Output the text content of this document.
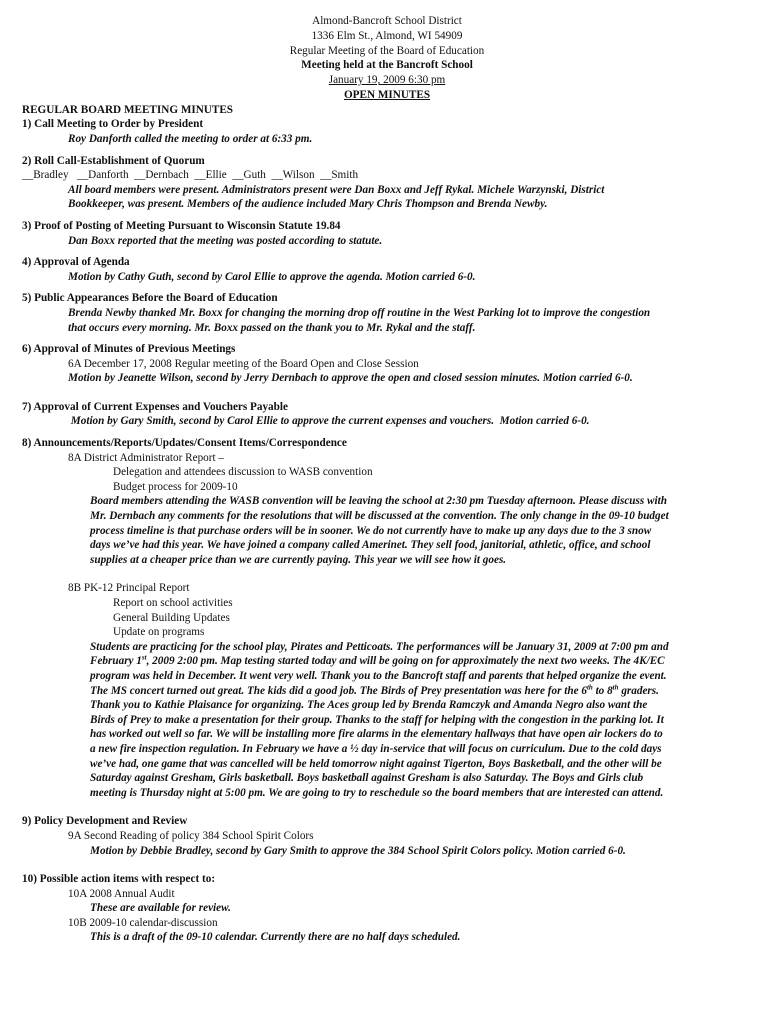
Almond-Bancroft School District
1336 Elm St., Almond, WI 54909
Regular Meeting of the Board of Education
Meeting held at the Bancroft School
January 19, 2009 6:30 pm
OPEN MINUTES
REGULAR BOARD MEETING MINUTES
1) Call Meeting to Order by President
Roy Danforth called the meeting to order at 6:33 pm.
2) Roll Call-Establishment of Quorum
__Bradley   __Danforth  __Dernbach  __Ellie  __Guth  __Wilson  __Smith
All board members were present. Administrators present were Dan Boxx and Jeff Rykal. Michele Warzynski, District
Bookkeeper, was present. Members of the audience included Mary Chris Thompson and Brenda Newby.
3) Proof of Posting of Meeting Pursuant to Wisconsin Statute 19.84
Dan Boxx reported that the meeting was posted according to statute.
4) Approval of Agenda
Motion by Cathy Guth, second by Carol Ellie to approve the agenda. Motion carried 6-0.
5) Public Appearances Before the Board of Education
Brenda Newby thanked Mr. Boxx for changing the morning drop off routine in the West Parking lot to improve the congestion
that occurs every morning. Mr. Boxx passed on the thank you to Mr. Rykal and the staff.
6) Approval of Minutes of Previous Meetings
6A December 17, 2008 Regular meeting of the Board Open and Close Session
Motion by Jeanette Wilson, second by Jerry Dernbach to approve the open and closed session minutes. Motion carried 6-0.
7) Approval of Current Expenses and Vouchers Payable
Motion by Gary Smith, second by Carol Ellie to approve the current expenses and vouchers.  Motion carried 6-0.
8) Announcements/Reports/Updates/Consent Items/Correspondence
8A District Administrator Report –
Delegation and attendees discussion to WASB convention
Budget process for 2009-10
Board members attending the WASB convention will be leaving the school at 2:30 pm Tuesday afternoon. Please discuss with
Mr. Dernbach any comments for the resolutions that will be discussed at the convention. The only change in the 09-10 budget
process timeline is that purchase orders will be in sooner. We do not currently have to make up any days due to the 3 snow
days we’ve had this year. We have joined a company called Amerinet. They sell food, janitorial, athletic, office, and school
supplies at a cheaper price than we are currently paying. This year we will see how it goes.
8B PK-12 Principal Report
Report on school activities
General Building Updates
Update on programs
Students are practicing for the school play, Pirates and Petticoats. The performances will be January 31, 2009 at 7:00 pm and
February 1st, 2009 2:00 pm. Map testing started today and will be going on for approximately the next two weeks. The 4K/EC
program was held in December. It went very well. Thank you to the Bancroft staff and parents that helped organize the event.
The MS concert turned out great. The kids did a good job. The Birds of Prey presentation was here for the 6th to 8th graders.
Thank you to Kathie Plaisance for organizing. The Aces group led by Brenda Ramczyk and Amanda Negro also want the
Birds of Prey to make a presentation for their group. Thanks to the staff for helping with the congestion in the parking lot. It
has worked out well so far. We will be installing more fire alarms in the elementary hallways that have open air lockers do to
a new fire inspection regulation. In February we have a ½ day in-service that will focus on curriculum. Due to the cold days
we’ve had, one game that was cancelled will be held tomorrow night against Tigerton, Boys Basketball, and the other will be
Saturday against Gresham, Girls basketball. Boys basketball against Gresham is also Saturday. The Boys and Girls club
meeting is Thursday night at 5:00 pm. We are going to try to reschedule so the board members that are interested can attend.
9) Policy Development and Review
9A Second Reading of policy 384 School Spirit Colors
Motion by Debbie Bradley, second by Gary Smith to approve the 384 School Spirit Colors policy. Motion carried 6-0.
10) Possible action items with respect to:
10A 2008 Annual Audit
These are available for review.
10B 2009-10 calendar-discussion
This is a draft of the 09-10 calendar. Currently there are no half days scheduled.
